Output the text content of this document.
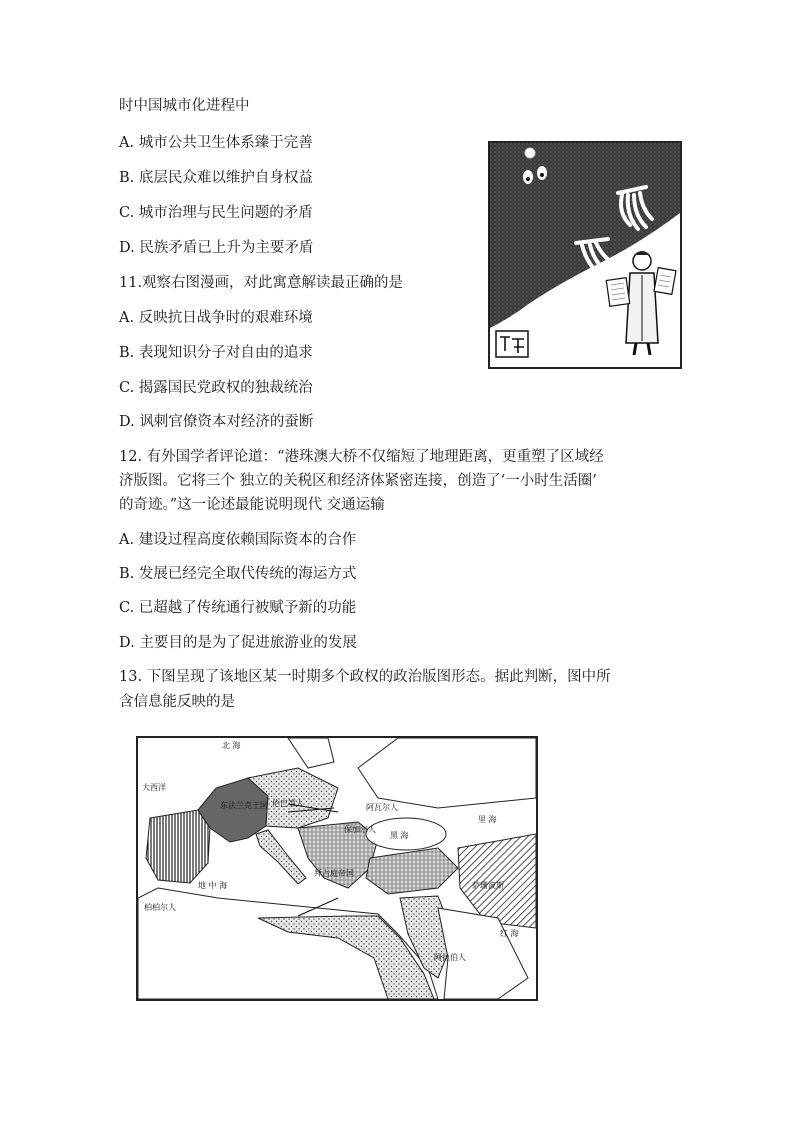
时中国城市化进程中
A. 城市公共卫生体系臻于完善
B. 底层民众难以维护自身权益
C. 城市治理与民生问题的矛盾
D. 民族矛盾已上升为主要矛盾
11.观察右图漫画，对此寓意解读最正确的是
A. 反映抗日战争时的艰难环境
B. 表现知识分子对自由的追求
C. 揭露国民党政权的独裁统治
D. 讽刺官僚资本对经济的蚕断
12. 有外国学者评论道：“港珠澳大桥不仅缩短了地理距离，更重塑了区域经
济版图。它将三个 独立的关税区和经济体紧密连接，创造了‘一小时生活圈’
的奇迹。”这一论述最能说明现代 交通运输
A. 建设过程高度依赖国际资本的合作
B. 发展已经完全取代传统的海运方式
C. 已超越了传统通行被赋予新的功能
D. 主要目的是为了促进旅游业的发展
13. 下图呈现了该地区某一时期多个政权的政治版图形态。据此判断，图中所
含信息能反映的是
北 海
大西洋
东法兰克王国 伦巴第人	阿瓦尔人
保加尔人
黑 海
拜占庭帝国
地 中 海
柏柏尔人
阿拉伯人
萨珊波斯
红 海
里 海
